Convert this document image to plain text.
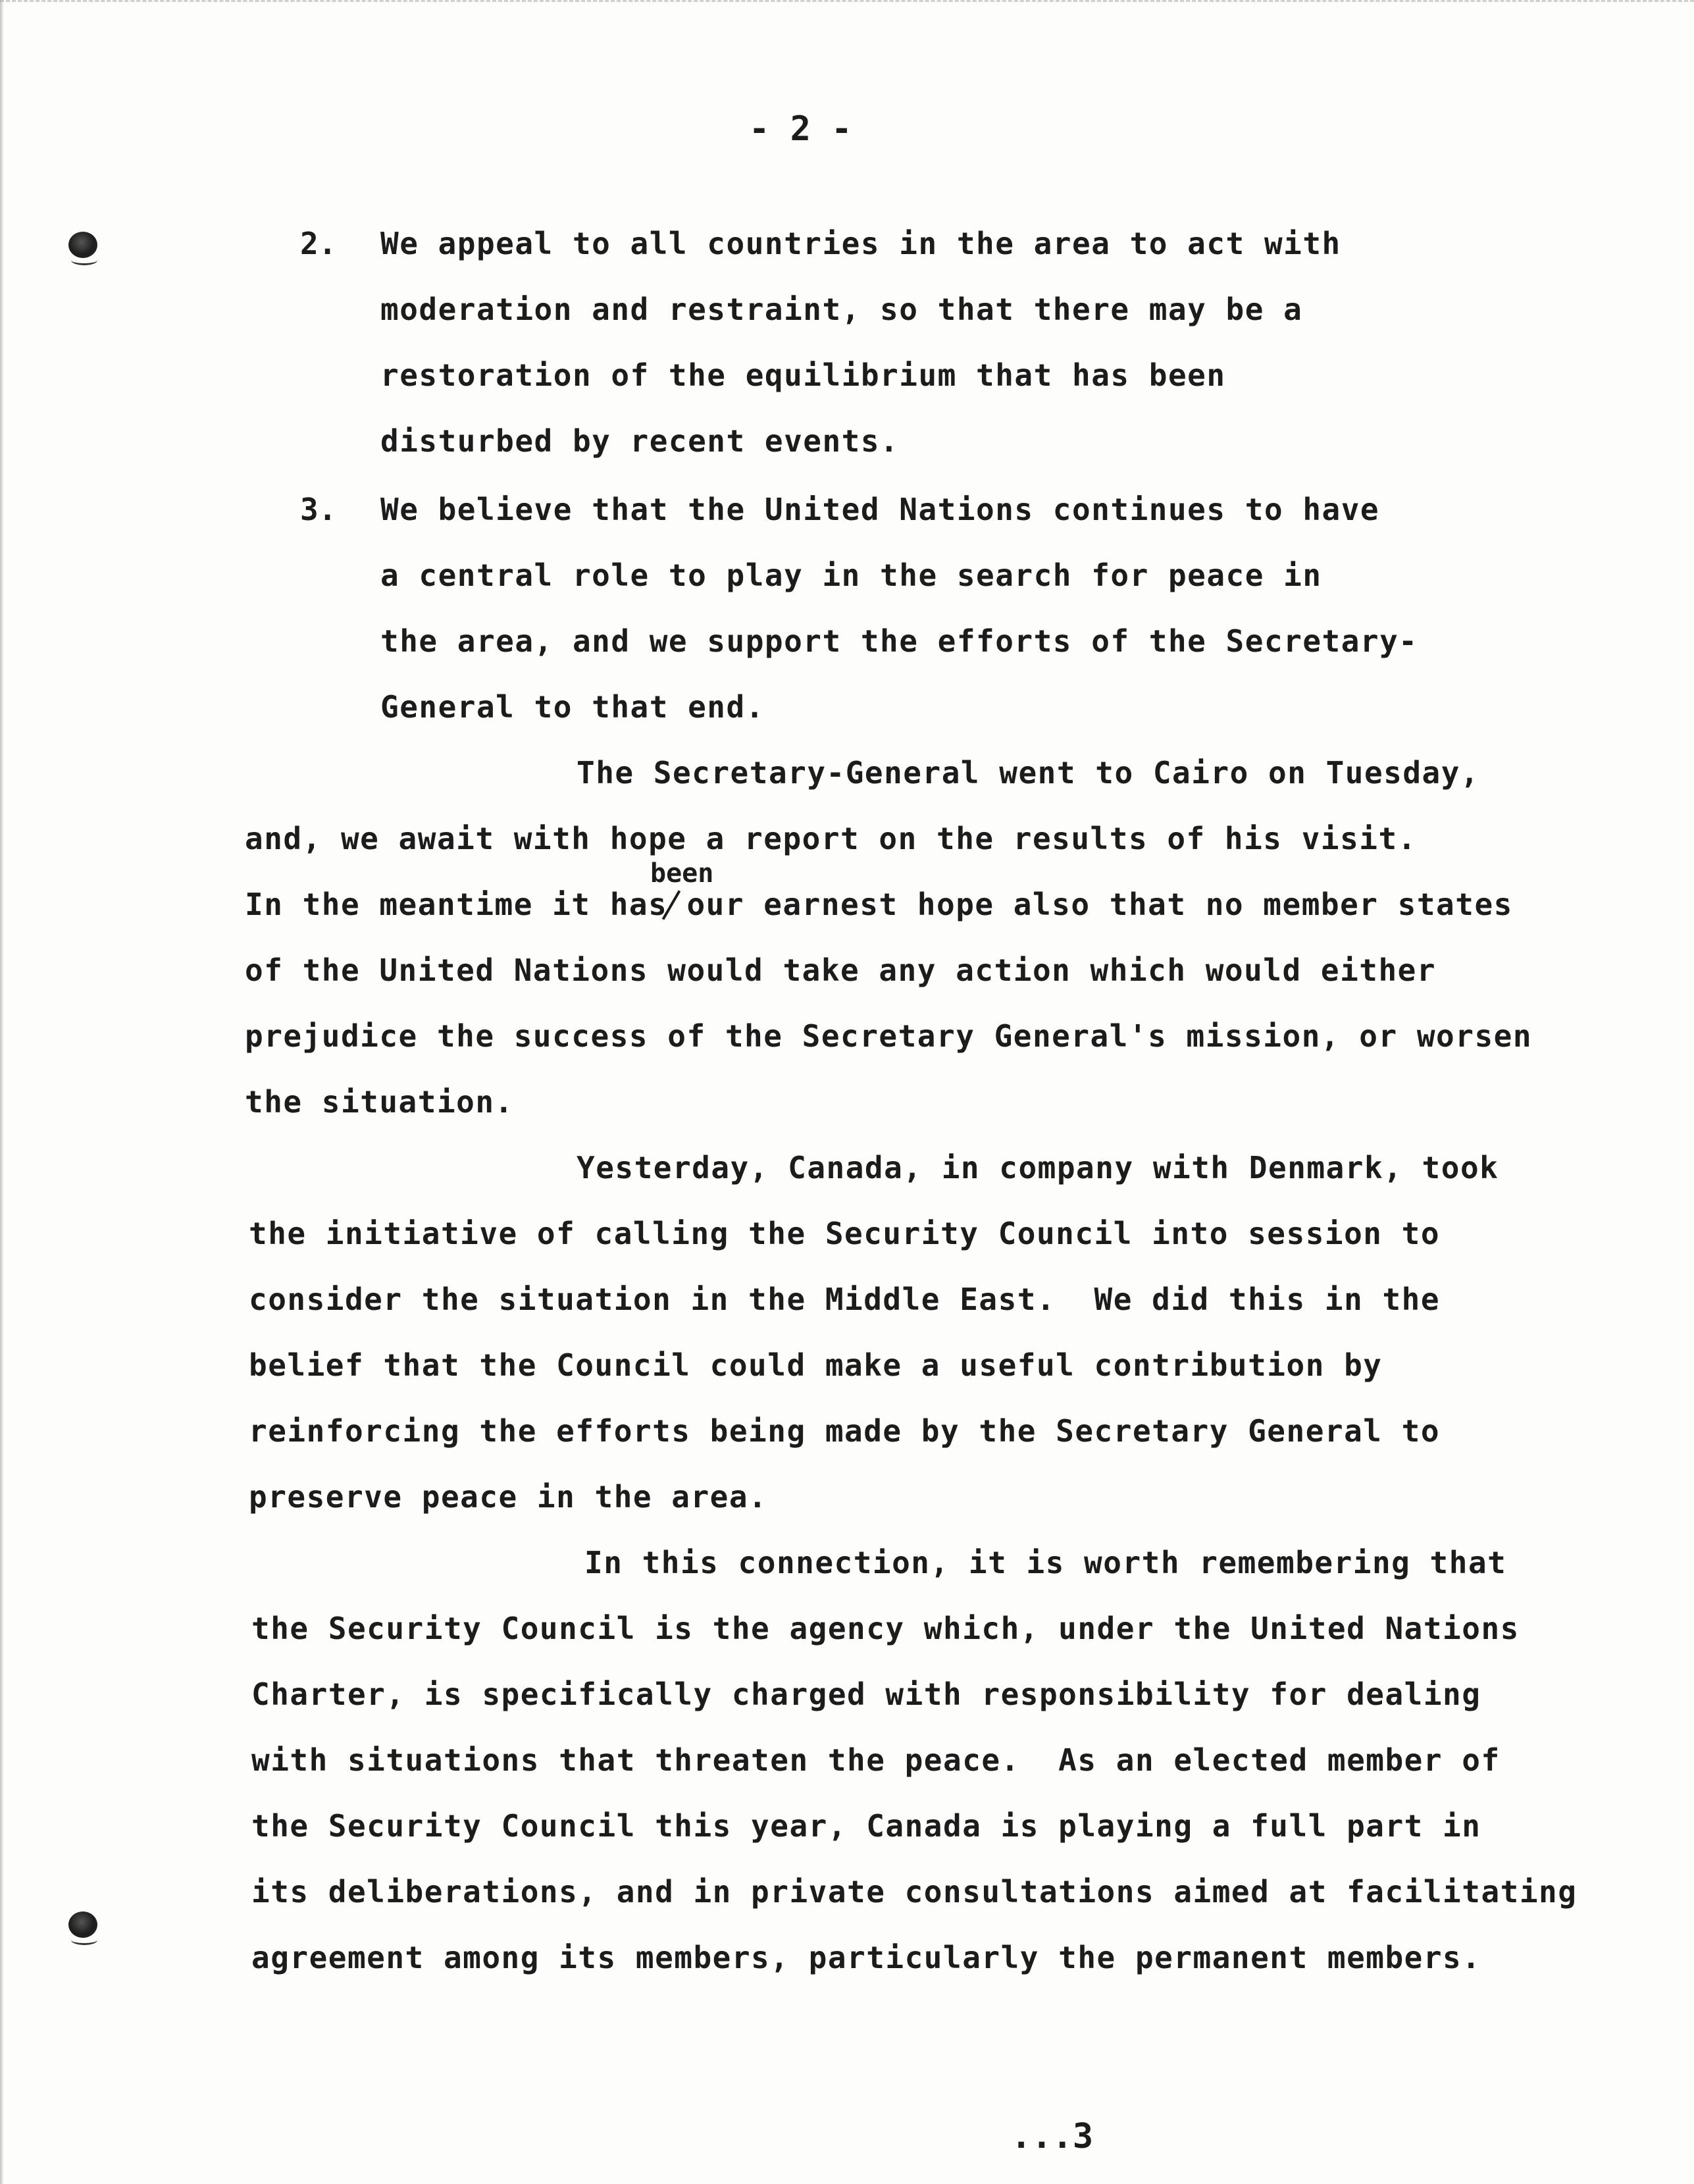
- 2 -
2. We appeal to all countries in the area to act with
moderation and restraint, so that there may be a
restoration of the equilibrium that has been
disturbed by recent events.
3. We believe that the United Nations continues to have
a central role to play in the search for peace in
the area, and we support the efforts of the Secretary-
General to that end.
The Secretary-General went to Cairo on Tuesday,
and, we await with hope a report on the results of his visit.
been
In the meantime it has our earnest hope also that no member states
of the United Nations would take any action which would either
prejudice the success of the Secretary General's mission, or worsen
the situation.
Yesterday, Canada, in company with Denmark, took
the initiative of calling the Security Council into session to
consider the situation in the Middle East.  We did this in the
belief that the Council could make a useful contribution by
reinforcing the efforts being made by the Secretary General to
preserve peace in the area.
In this connection, it is worth remembering that
the Security Council is the agency which, under the United Nations
Charter, is specifically charged with responsibility for dealing
with situations that threaten the peace.  As an elected member of
the Security Council this year, Canada is playing a full part in
its deliberations, and in private consultations aimed at facilitating
agreement among its members, particularly the permanent members.
...3
